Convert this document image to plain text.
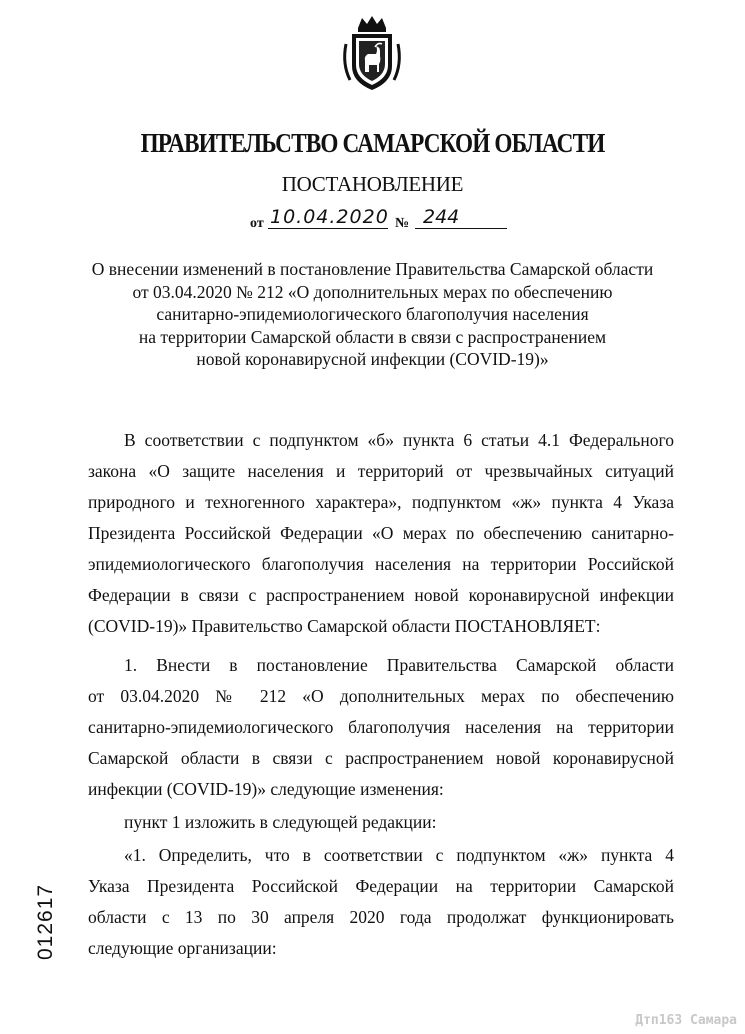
ПРАВИТЕЛЬСТВО САМАРСКОЙ ОБЛАСТИ
ПОСТАНОВЛЕНИЕ
от 10.04.2020 № 244
О внесении изменений в постановление Правительства Самарской области
от 03.04.2020 № 212 «О дополнительных мерах по обеспечению
санитарно-эпидемиологического благополучия населения
на территории Самарской области в связи с распространением
новой коронавирусной инфекции (COVID-19)»
В соответствии с подпунктом «б» пункта 6 статьи 4.1 Федерального
закона «О защите населения и территорий от чрезвычайных ситуаций
природного и техногенного характера», подпунктом «ж» пункта 4 Указа
Президента Российской Федерации «О мерах по обеспечению санитарно-
эпидемиологического благополучия населения на территории Российской
Федерации в связи с распространением новой коронавирусной инфекции
(COVID-19)» Правительство Самарской области ПОСТАНОВЛЯЕТ:
1. Внести в постановление Правительства Самарской области
от 03.04.2020 № 212 «О дополнительных мерах по обеспечению
санитарно-эпидемиологического благополучия населения на территории
Самарской области в связи с распространением новой коронавирусной
инфекции (COVID-19)» следующие изменения:
пункт 1 изложить в следующей редакции:
«1. Определить, что в соответствии с подпунктом «ж» пункта 4
Указа Президента Российской Федерации на территории Самарской
области с 13 по 30 апреля 2020 года продолжат функционировать
следующие организации:
012617
Дтп163 Самара
